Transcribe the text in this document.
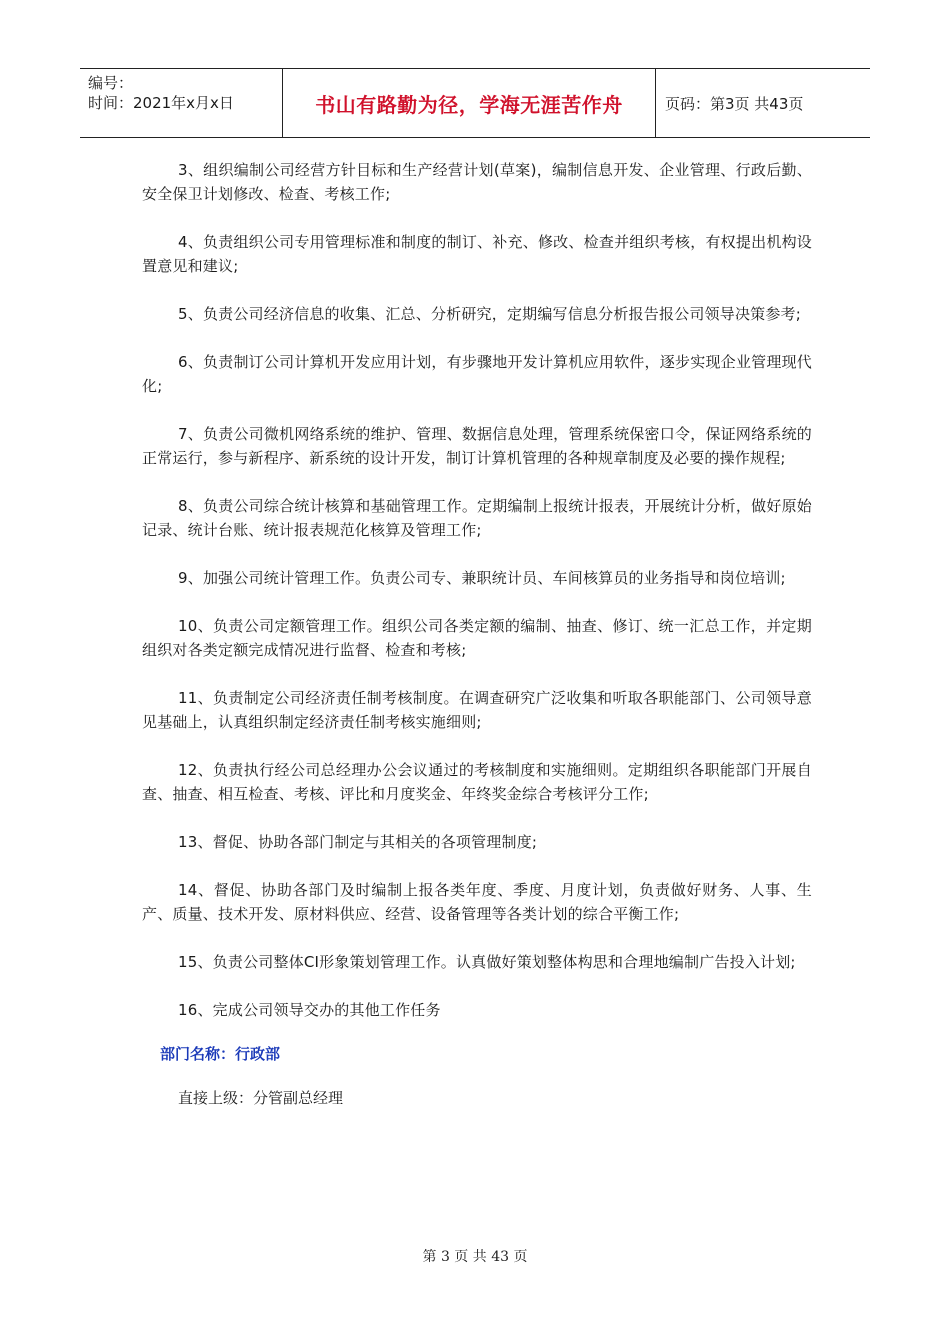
编号：
时间：2021年x月x日	书山有路勤为径，学海无涯苦作舟	页码：第3页 共43页

3、组织编制公司经营方针目标和生产经营计划(草案)，编制信息开发、企业管理、行政后勤、安全保卫计划修改、检查、考核工作;

4、负责组织公司专用管理标准和制度的制订、补充、修改、检查并组织考核，有权提出机构设置意见和建议;

5、负责公司经济信息的收集、汇总、分析研究，定期编写信息分析报告报公司领导决策参考;

6、负责制订公司计算机开发应用计划，有步骤地开发计算机应用软件，逐步实现企业管理现代化;

7、负责公司微机网络系统的维护、管理、数据信息处理，管理系统保密口令，保证网络系统的正常运行，参与新程序、新系统的设计开发，制订计算机管理的各种规章制度及必要的操作规程;

8、负责公司综合统计核算和基础管理工作。定期编制上报统计报表，开展统计分析，做好原始记录、统计台账、统计报表规范化核算及管理工作;

9、加强公司统计管理工作。负责公司专、兼职统计员、车间核算员的业务指导和岗位培训;

10、负责公司定额管理工作。组织公司各类定额的编制、抽查、修订、统一汇总工作，并定期组织对各类定额完成情况进行监督、检查和考核;

11、负责制定公司经济责任制考核制度。在调查研究广泛收集和听取各职能部门、公司领导意见基础上，认真组织制定经济责任制考核实施细则;

12、负责执行经公司总经理办公会议通过的考核制度和实施细则。定期组织各职能部门开展自查、抽查、相互检查、考核、评比和月度奖金、年终奖金综合考核评分工作;

13、督促、协助各部门制定与其相关的各项管理制度;

14、督促、协助各部门及时编制上报各类年度、季度、月度计划，负责做好财务、人事、生产、质量、技术开发、原材料供应、经营、设备管理等各类计划的综合平衡工作;

15、负责公司整体CI形象策划管理工作。认真做好策划整体构思和合理地编制广告投入计划;

16、完成公司领导交办的其他工作任务

部门名称：行政部

直接上级：分管副总经理

第 3 页 共 43 页
